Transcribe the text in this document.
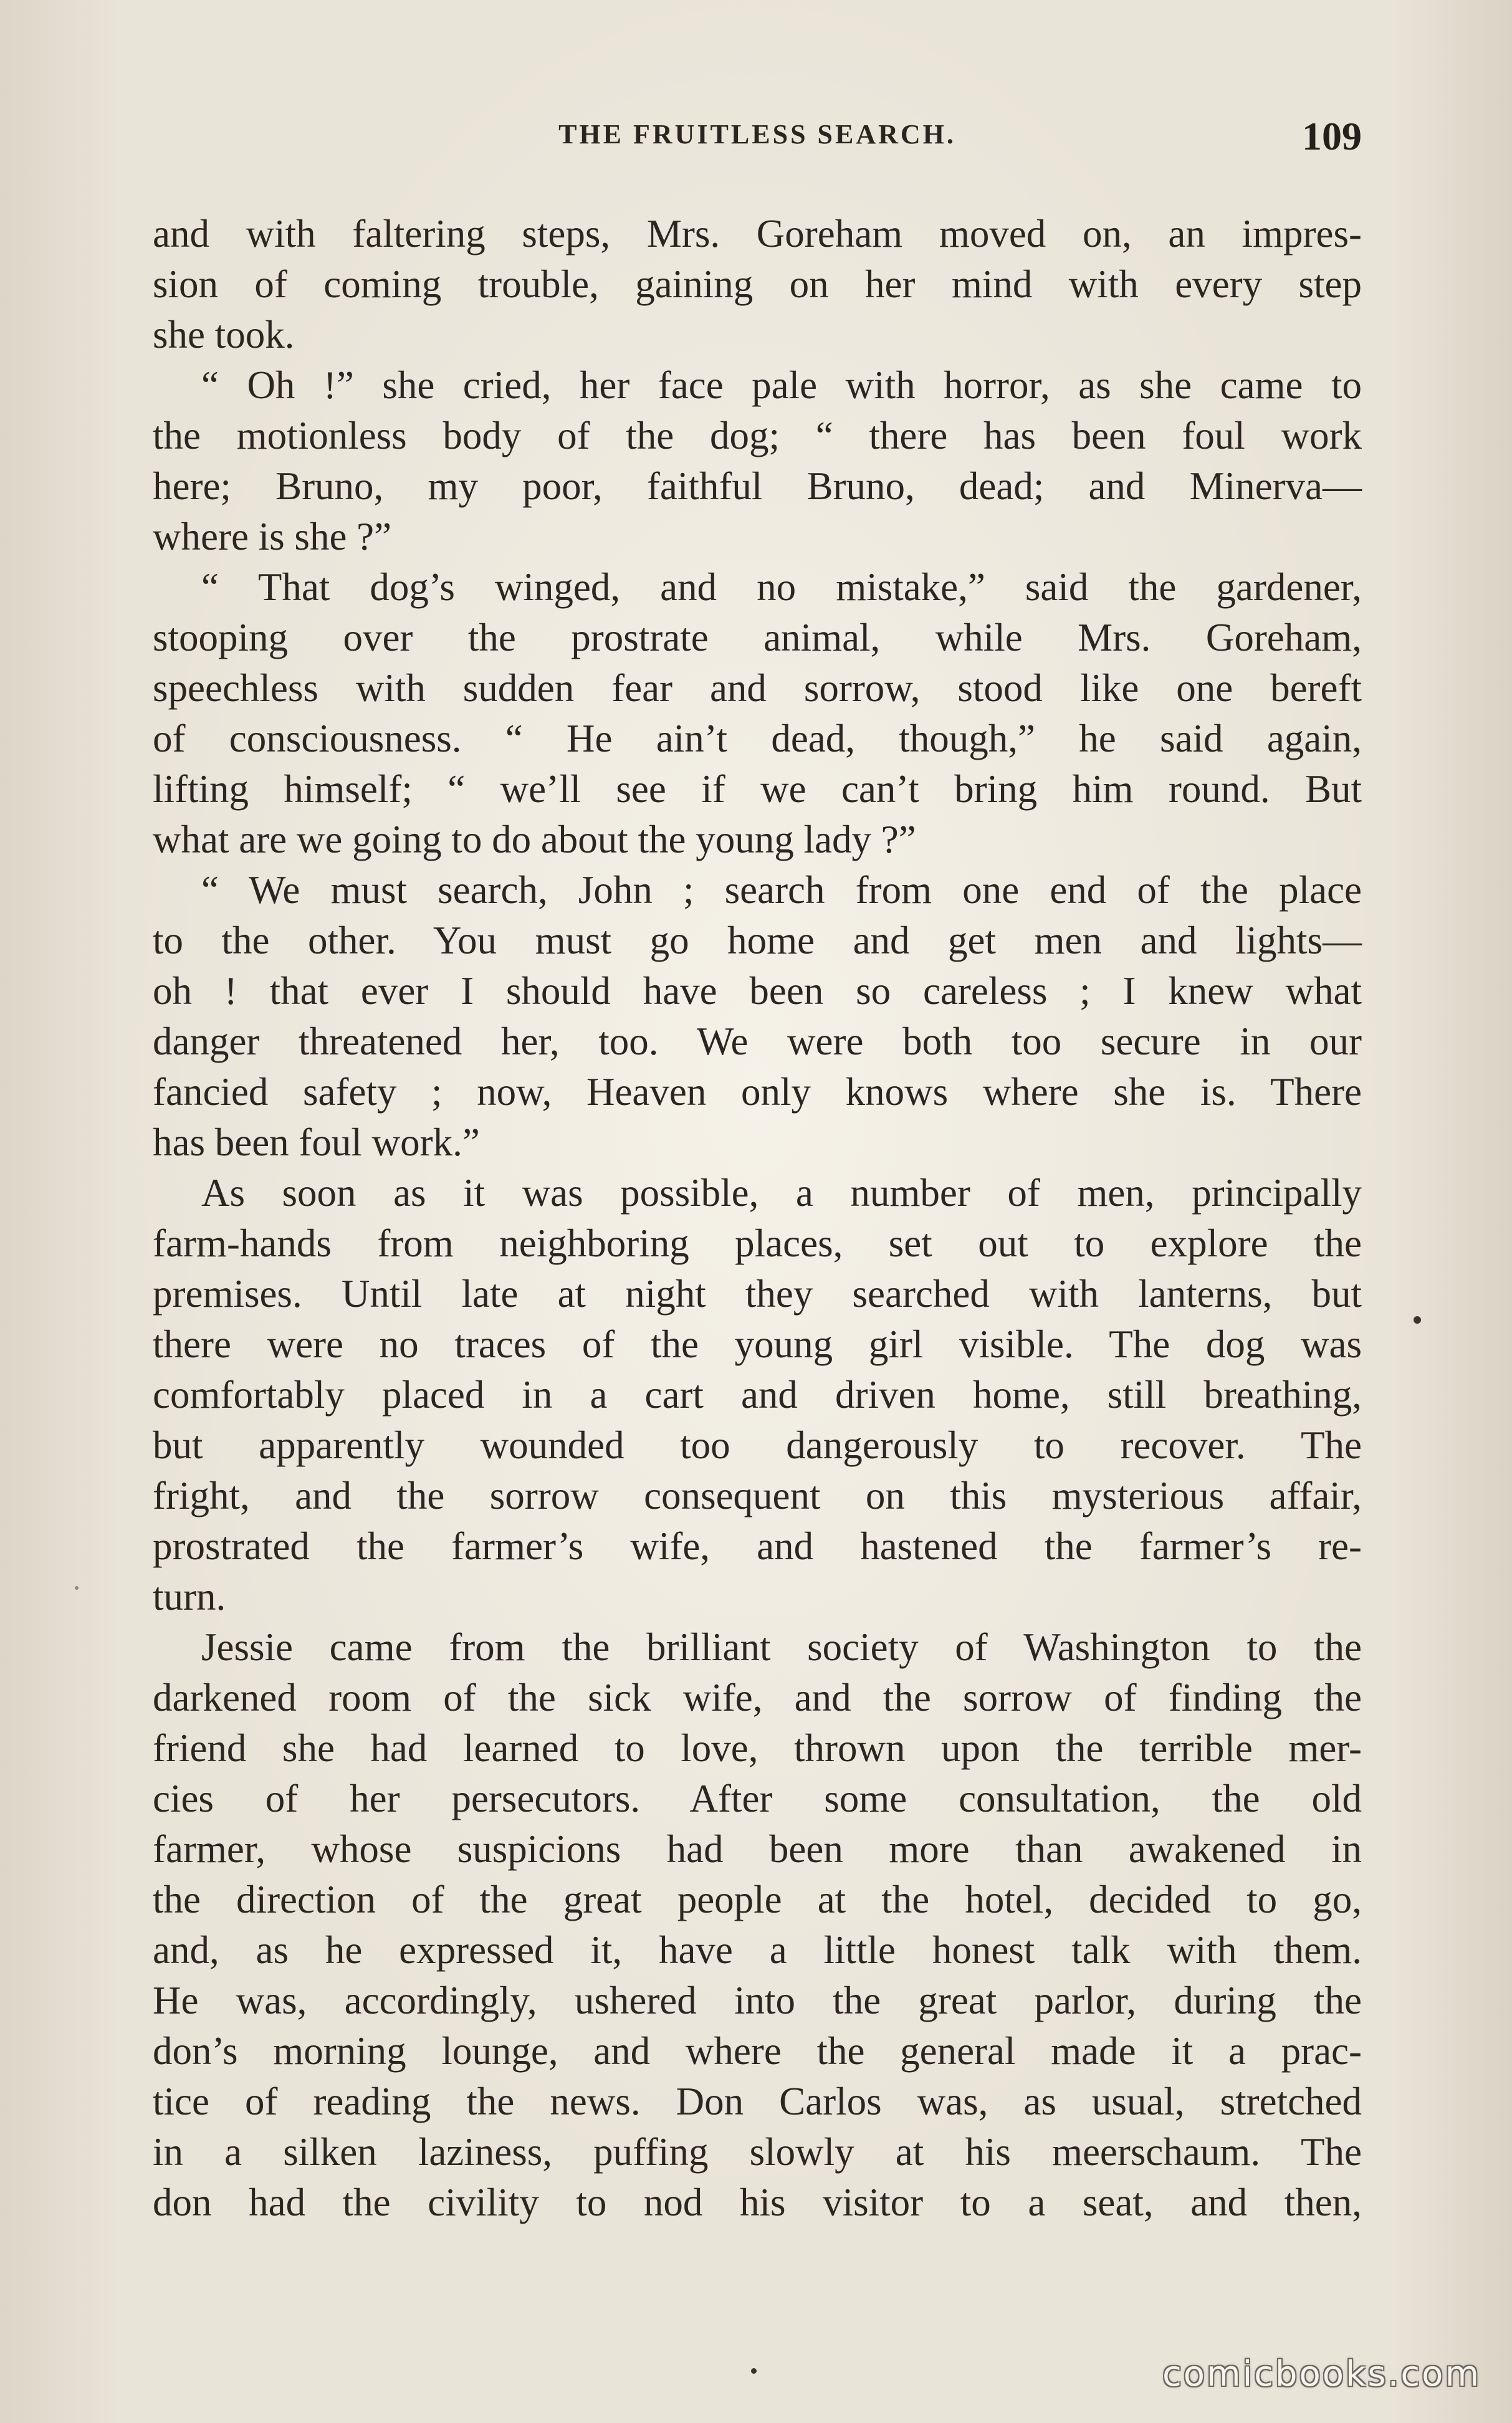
THE FRUITLESS SEARCH.	109
and with faltering steps, Mrs. Goreham moved on, an impres-
sion of coming trouble, gaining on her mind with every step
she took.
“ Oh !” she cried, her face pale with horror, as she came to
the motionless body of the dog; “ there has been foul work
here; Bruno, my poor, faithful Bruno, dead; and Minerva—
where is she ?”
“ That dog’s winged, and no mistake,” said the gardener,
stooping over the prostrate animal, while Mrs. Goreham,
speechless with sudden fear and sorrow, stood like one bereft
of consciousness. “ He ain’t dead, though,” he said again,
lifting himself; “ we’ll see if we can’t bring him round. But
what are we going to do about the young lady ?”
“ We must search, John ; search from one end of the place
to the other. You must go home and get men and lights—
oh ! that ever I should have been so careless ; I knew what
danger threatened her, too. We were both too secure in our
fancied safety ; now, Heaven only knows where she is. There
has been foul work.”
As soon as it was possible, a number of men, principally
farm-hands from neighboring places, set out to explore the
premises. Until late at night they searched with lanterns, but
there were no traces of the young girl visible. The dog was
comfortably placed in a cart and driven home, still breathing,
but apparently wounded too dangerously to recover. The
fright, and the sorrow consequent on this mysterious affair,
prostrated the farmer’s wife, and hastened the farmer’s re-
turn.
Jessie came from the brilliant society of Washington to the
darkened room of the sick wife, and the sorrow of finding the
friend she had learned to love, thrown upon the terrible mer-
cies of her persecutors. After some consultation, the old
farmer, whose suspicions had been more than awakened in
the direction of the great people at the hotel, decided to go,
and, as he expressed it, have a little honest talk with them.
He was, accordingly, ushered into the great parlor, during the
don’s morning lounge, and where the general made it a prac-
tice of reading the news. Don Carlos was, as usual, stretched
in a silken laziness, puffing slowly at his meerschaum. The
don had the civility to nod his visitor to a seat, and then,
comicbooks.com
